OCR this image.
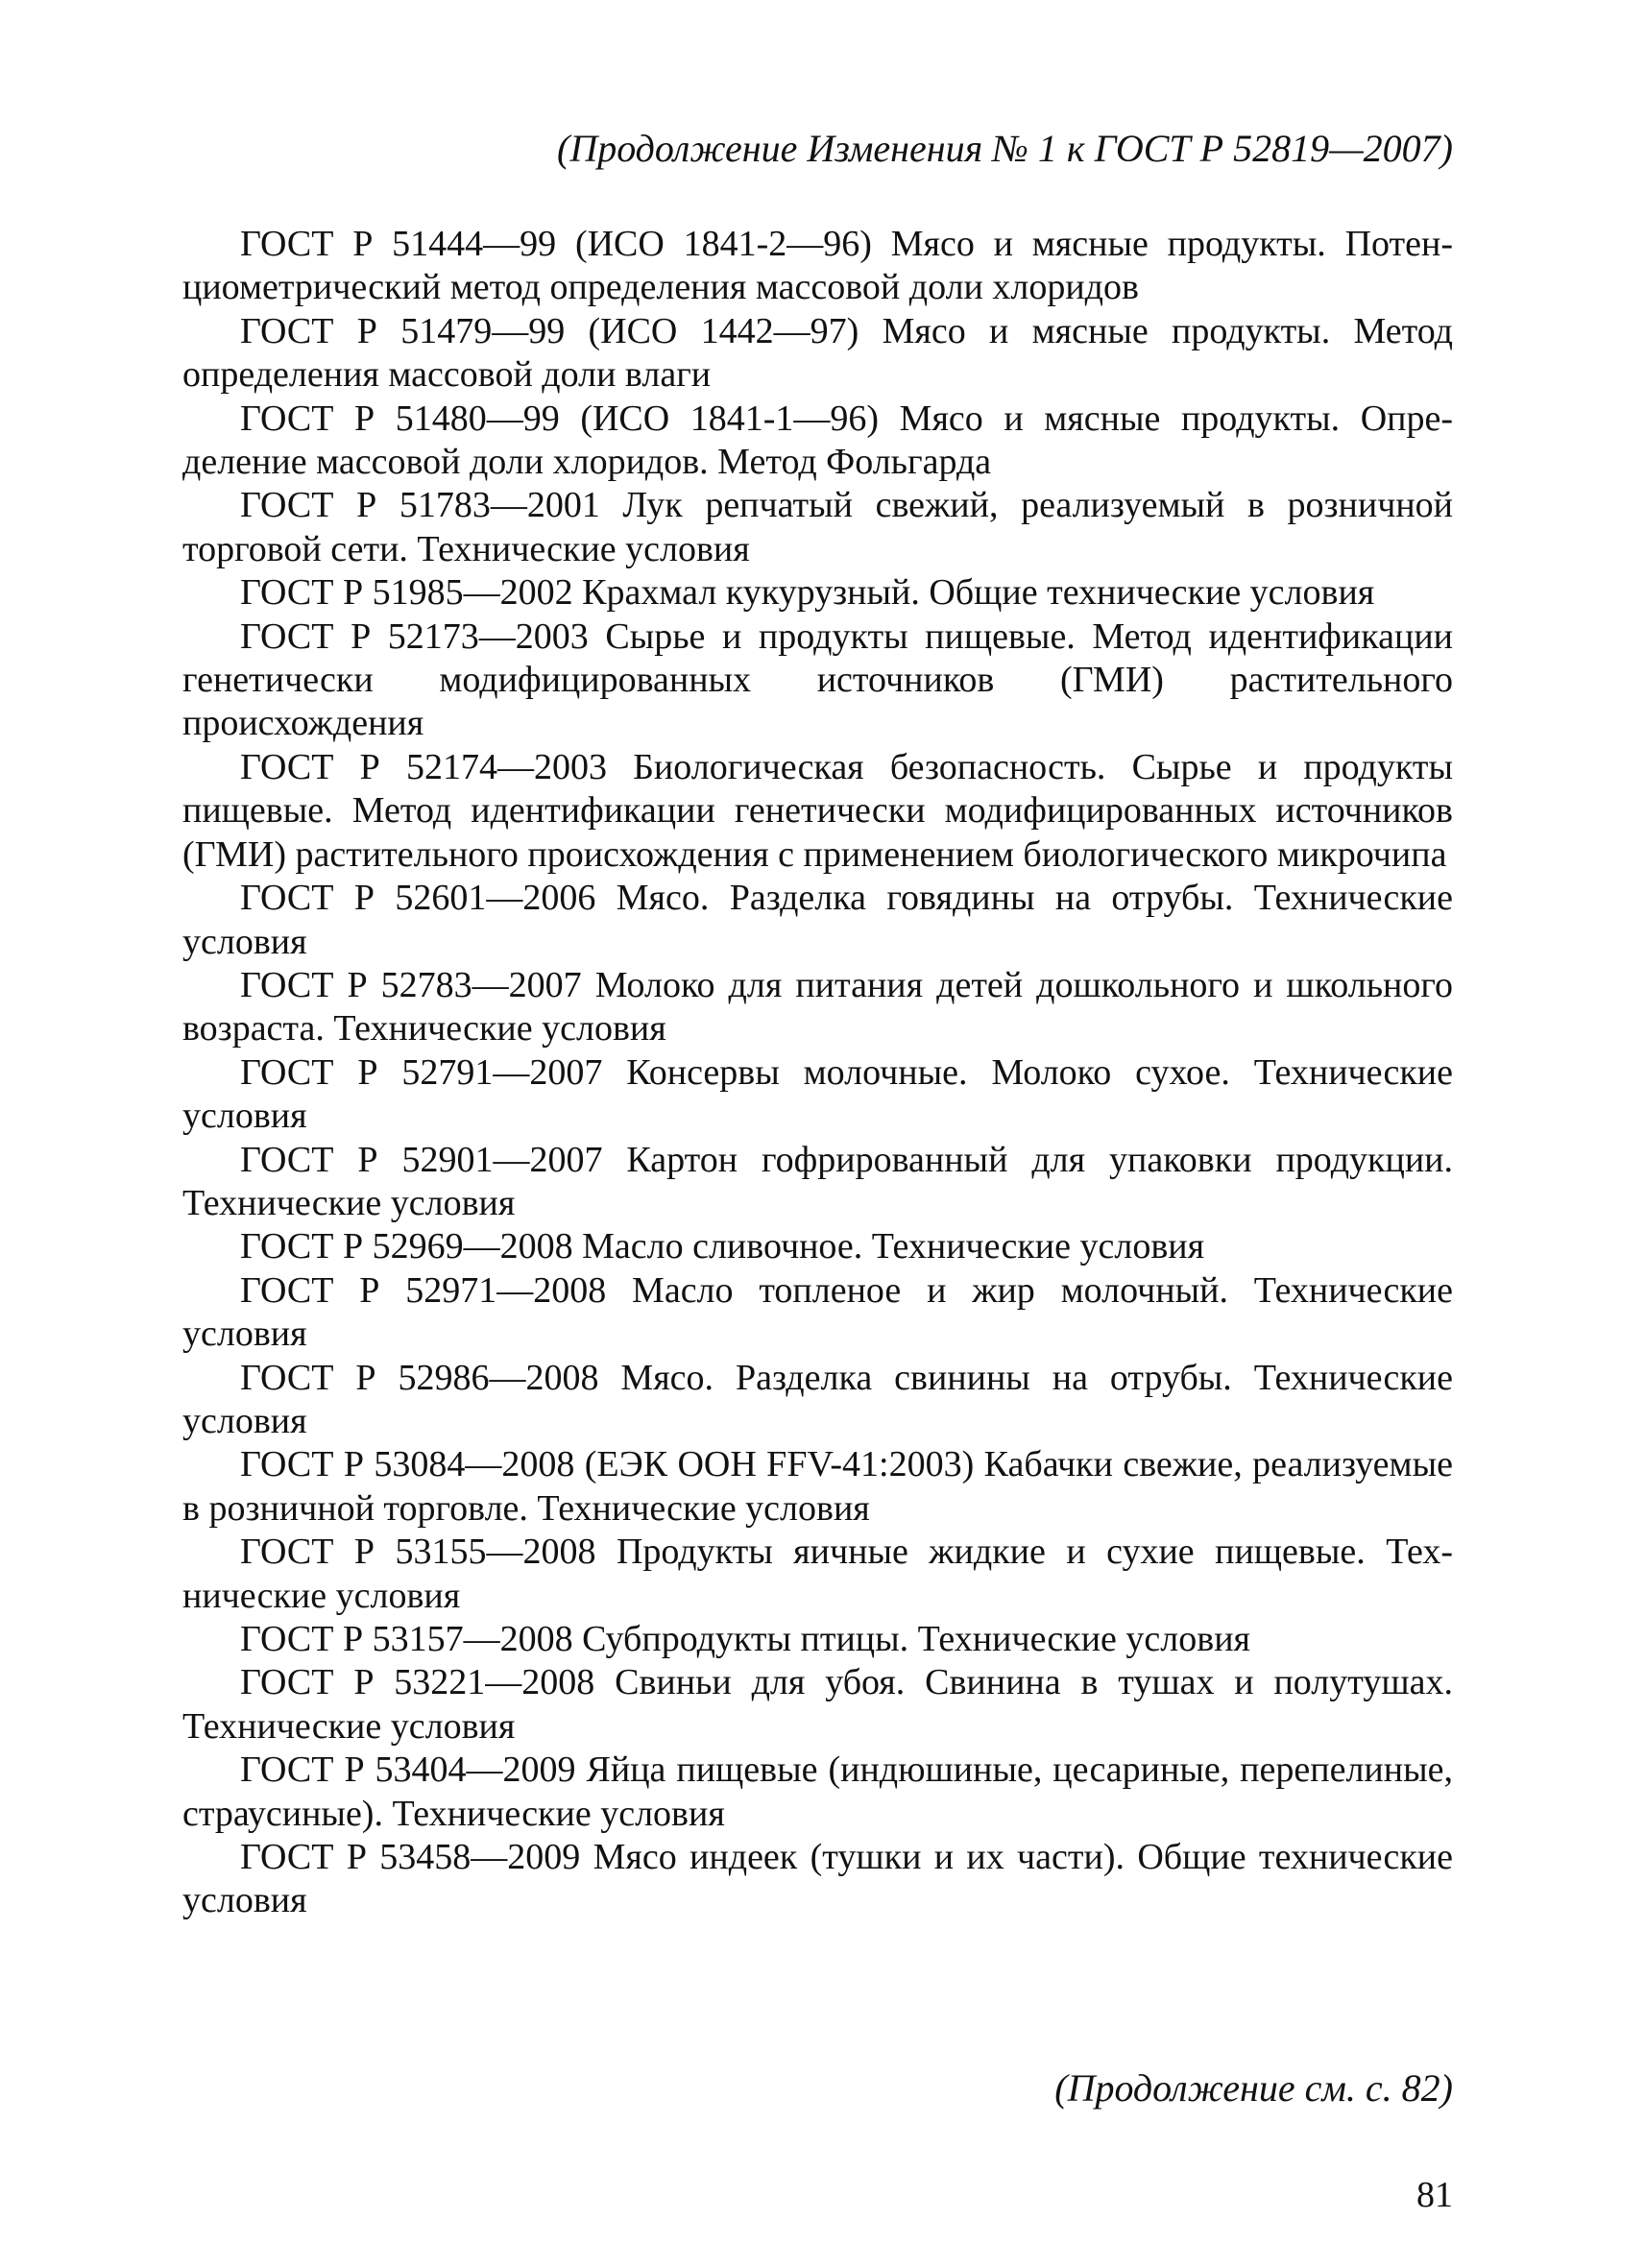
(Продолжение Изменения № 1 к ГОСТ Р 52819—2007)

ГОСТ Р 51444—99 (ИСО 1841-2—96) Мясо и мясные продукты. Потенциометрический метод определения массовой доли хлоридов

ГОСТ Р 51479—99 (ИСО 1442—97) Мясо и мясные продукты. Метод определения массовой доли влаги

ГОСТ Р 51480—99 (ИСО 1841-1—96) Мясо и мясные продукты. Определение массовой доли хлоридов. Метод Фольгарда

ГОСТ Р 51783—2001 Лук репчатый свежий, реализуемый в розничной торговой сети. Технические условия

ГОСТ Р 51985—2002 Крахмал кукурузный. Общие технические условия

ГОСТ Р 52173—2003 Сырье и продукты пищевые. Метод идентификации генетически модифицированных источников (ГМИ) растительного происхождения

ГОСТ Р 52174—2003 Биологическая безопасность. Сырье и продукты пищевые. Метод идентификации генетически модифицированных источников (ГМИ) растительного происхождения с применением биологического микрочипа

ГОСТ Р 52601—2006 Мясо. Разделка говядины на отрубы. Технические условия

ГОСТ Р 52783—2007 Молоко для питания детей дошкольного и школьного возраста. Технические условия

ГОСТ Р 52791—2007 Консервы молочные. Молоко сухое. Технические условия

ГОСТ Р 52901—2007 Картон гофрированный для упаковки продукции. Технические условия

ГОСТ Р 52969—2008 Масло сливочное. Технические условия

ГОСТ Р 52971—2008 Масло топленое и жир молочный. Технические условия

ГОСТ Р 52986—2008 Мясо. Разделка свинины на отрубы. Технические условия

ГОСТ Р 53084—2008 (ЕЭК ООН FFV-41:2003) Кабачки свежие, реализуемые в розничной торговле. Технические условия

ГОСТ Р 53155—2008 Продукты яичные жидкие и сухие пищевые. Технические условия

ГОСТ Р 53157—2008 Субпродукты птицы. Технические условия

ГОСТ Р 53221—2008 Свиньи для убоя. Свинина в тушах и полутушах. Технические условия

ГОСТ Р 53404—2009 Яйца пищевые (индюшиные, цесариные, перепелиные, страусиные). Технические условия

ГОСТ Р 53458—2009 Мясо индеек (тушки и их части). Общие технические условия

(Продолжение см. с. 82)
81
